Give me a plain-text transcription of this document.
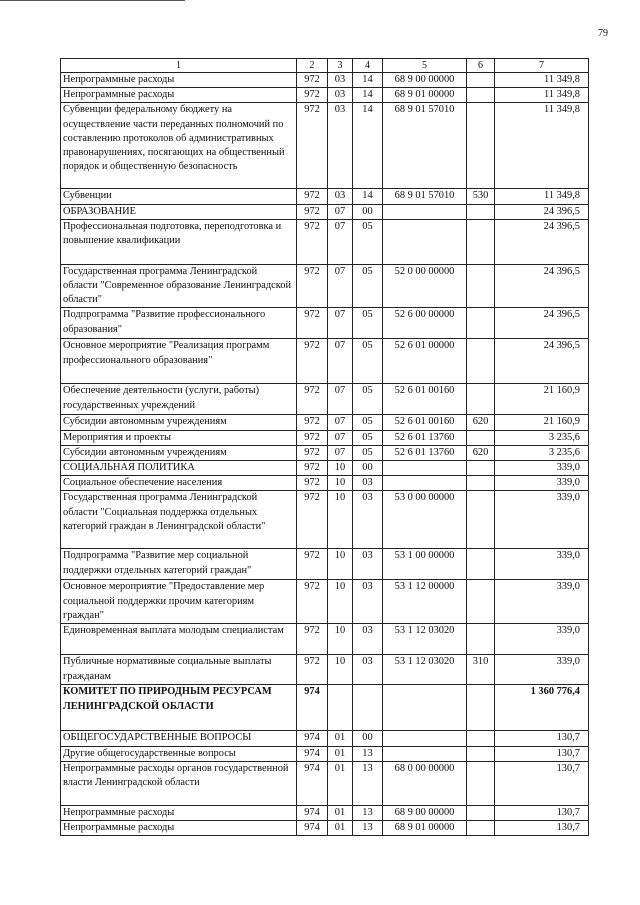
79
1	2	3	4	5	6	7
Непрограммные расходы	972	03	14	68 9 00 00000		11 349,8
Непрограммные расходы	972	03	14	68 9 01 00000		11 349,8
Субвенции федеральному бюджету на осуществление части переданных полномочий по составлению протоколов об административных правонарушениях, посягающих на общественный порядок и общественную безопасность	972	03	14	68 9 01 57010		11 349,8
Субвенции	972	03	14	68 9 01 57010	530	11 349,8
ОБРАЗОВАНИЕ	972	07	00			24 396,5
Профессиональная подготовка, переподготовка и повышение квалификации	972	07	05			24 396,5
Государственная программа Ленинградской области "Современное образование Ленинградской области"	972	07	05	52 0 00 00000		24 396,5
Подпрограмма "Развитие профессионального образования"	972	07	05	52 6 00 00000		24 396,5
Основное мероприятие "Реализация программ профессионального образования"	972	07	05	52 6 01 00000		24 396,5
Обеспечение деятельности (услуги, работы) государственных учреждений	972	07	05	52 6 01 00160		21 160,9
Субсидии автономным учреждениям	972	07	05	52 6 01 00160	620	21 160,9
Мероприятия и проекты	972	07	05	52 6 01 13760		3 235,6
Субсидии автономным учреждениям	972	07	05	52 6 01 13760	620	3 235,6
СОЦИАЛЬНАЯ ПОЛИТИКА	972	10	00			339,0
Социальное обеспечение населения	972	10	03			339,0
Государственная программа Ленинградской области "Социальная поддержка отдельных категорий граждан в Ленинградской области"	972	10	03	53 0 00 00000		339,0
Подпрограмма "Развитие мер социальной поддержки отдельных категорий граждан"	972	10	03	53 1 00 00000		339,0
Основное мероприятие "Предоставление мер социальной поддержки прочим категориям граждан"	972	10	03	53 1 12 00000		339,0
Единовременная выплата молодым специалистам	972	10	03	53 1 12 03020		339,0
Публичные нормативные социальные выплаты гражданам	972	10	03	53 1 12 03020	310	339,0
КОМИТЕТ ПО ПРИРОДНЫМ РЕСУРСАМ ЛЕНИНГРАДСКОЙ ОБЛАСТИ	974					1 360 776,4
ОБЩЕГОСУДАРСТВЕННЫЕ ВОПРОСЫ	974	01	00			130,7
Другие общегосударственные вопросы	974	01	13			130,7
Непрограммные расходы органов государственной власти Ленинградской области	974	01	13	68 0 00 00000		130,7
Непрограммные расходы	974	01	13	68 9 00 00000		130,7
Непрограммные расходы	974	01	13	68 9 01 00000		130,7
